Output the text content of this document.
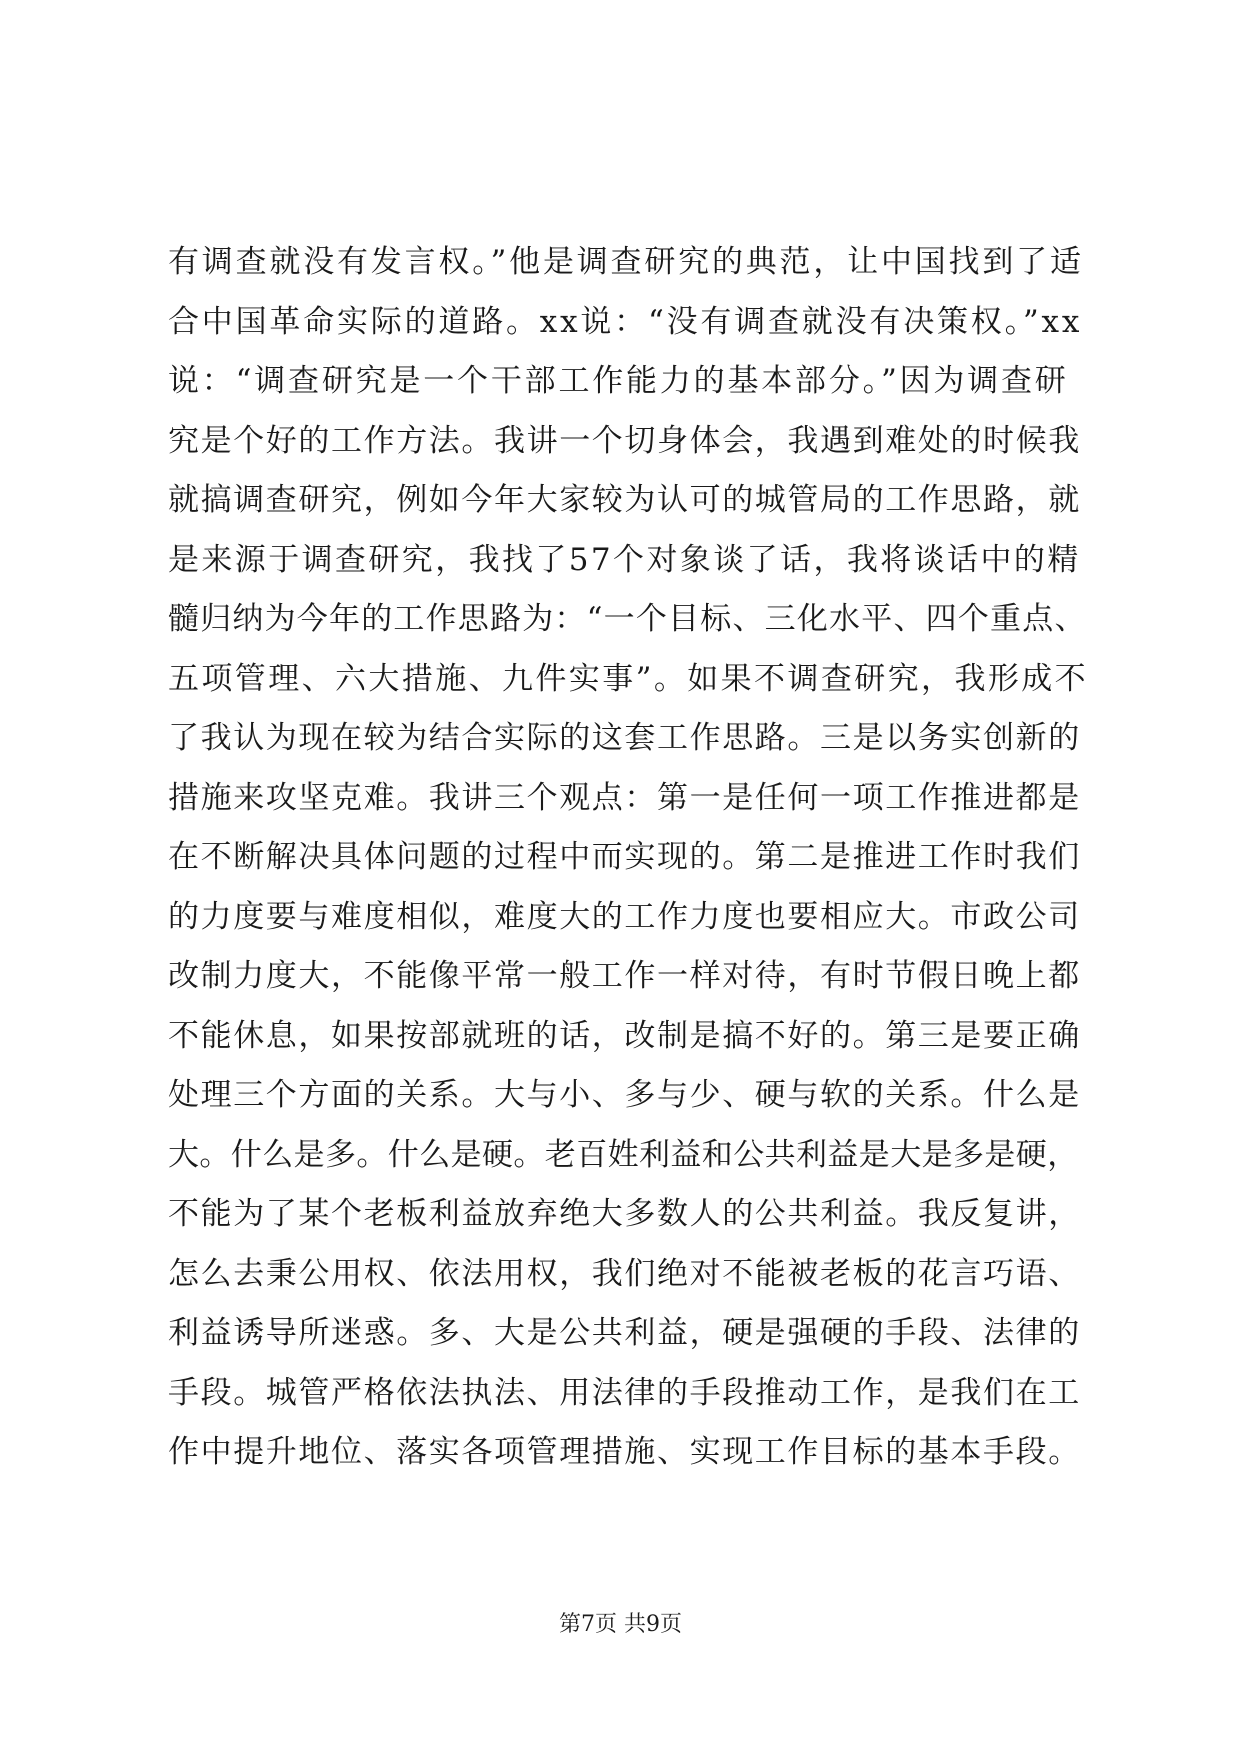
有调查就没有发言权。”他是调查研究的典范，让中国找到了适
合中国革命实际的道路。xx说：“没有调查就没有决策权。”xx
说：“调查研究是一个干部工作能力的基本部分。”因为调查研
究是个好的工作方法。我讲一个切身体会，我遇到难处的时候我
就搞调查研究，例如今年大家较为认可的城管局的工作思路，就
是来源于调查研究，我找了57个对象谈了话，我将谈话中的精
髓归纳为今年的工作思路为：“一个目标、三化水平、四个重点、
五项管理、六大措施、九件实事”。如果不调查研究，我形成不
了我认为现在较为结合实际的这套工作思路。三是以务实创新的
措施来攻坚克难。我讲三个观点：第一是任何一项工作推进都是
在不断解决具体问题的过程中而实现的。第二是推进工作时我们
的力度要与难度相似，难度大的工作力度也要相应大。市政公司
改制力度大，不能像平常一般工作一样对待，有时节假日晚上都
不能休息，如果按部就班的话，改制是搞不好的。第三是要正确
处理三个方面的关系。大与小、多与少、硬与软的关系。什么是
大。什么是多。什么是硬。老百姓利益和公共利益是大是多是硬，
不能为了某个老板利益放弃绝大多数人的公共利益。我反复讲，
怎么去秉公用权、依法用权，我们绝对不能被老板的花言巧语、
利益诱导所迷惑。多、大是公共利益，硬是强硬的手段、法律的
手段。城管严格依法执法、用法律的手段推动工作，是我们在工
作中提升地位、落实各项管理措施、实现工作目标的基本手段。
第7页 共9页
